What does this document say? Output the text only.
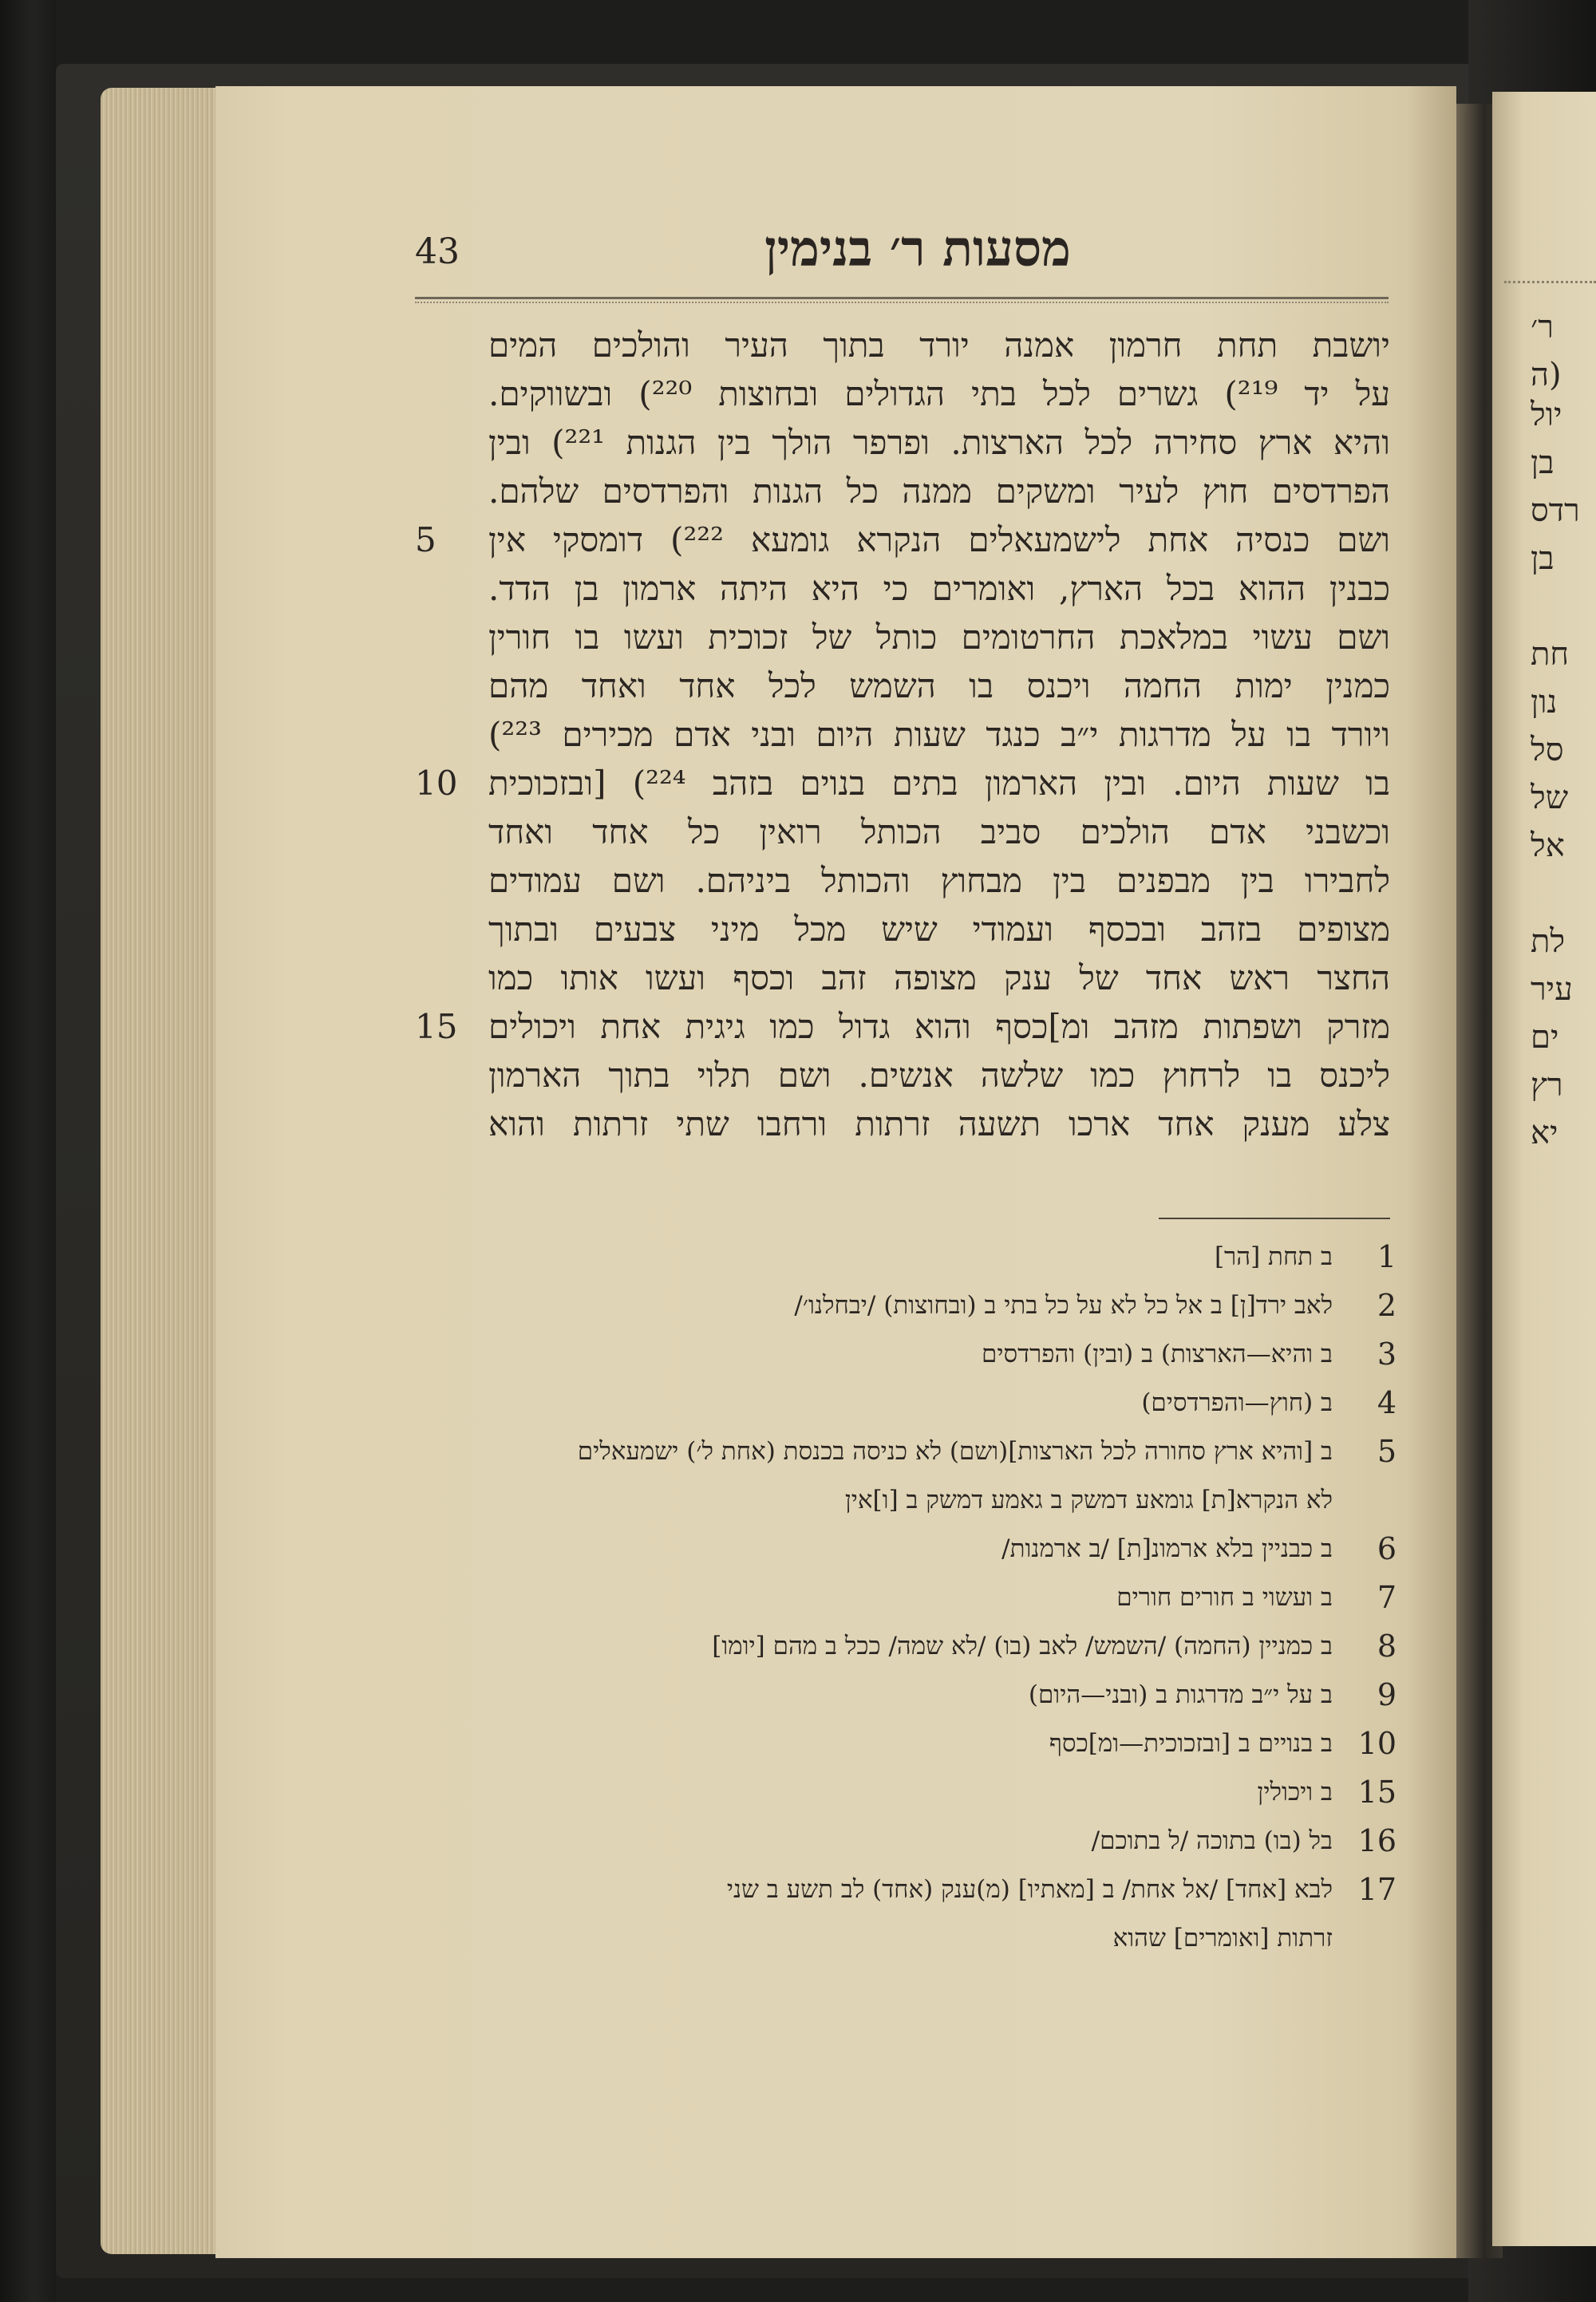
ר׳
(ה
יול
בן
רדס
בן
חת
נון
סל
של
אל
לת
עיר
ים
רץ
יא
43	מסעות ר׳ בנימין
5
10
15
יושבת תחת חרמון אמנה יורד בתוך העיר והולכים המים
על יד ²¹⁹) גשרים לכל בתי הגדולים ובחוצות ²²⁰) ובשווקים.
והיא ארץ סחירה לכל הארצות. ופרפר הולך בין הגנות ²²¹) ובין
הפרדסים חוץ לעיר ומשקים ממנה כל הגנות והפרדסים שלהם.
ושם כנסיה אחת לישמעאלים הנקרא גומעא ²²²) דומסקי אין
כבנין ההוא בכל הארץ, ואומרים כי היא היתה ארמון בן הדד.
ושם עשוי במלאכת החרטומים כותל של זכוכית ועשו בו חורין
כמנין ימות החמה ויכנס בו השמש לכל אחד ואחד מהם
ויורד בו על מדרגות י״ב כנגד שעות היום ובני אדם מכירים ²²³)
בו שעות היום. ובין הארמון בתים בנוים בזהב ²²⁴) [ובזכוכית
וכשבני אדם הולכים סביב הכותל רואין כל אחד ואחד
לחבירו בין מבפנים בין מבחוץ והכותל ביניהם. ושם עמודים
מצופים בזהב ובכסף ועמודי שיש מכל מיני צבעים ובתוך
החצר ראש אחד של ענק מצופה זהב וכסף ועשו אותו כמו
מזרק ושפתות מזהב ומ]כסף והוא גדול כמו גיגית אחת ויכולים
ליכנס בו לרחוץ כמו שלשה אנשים. ושם תלוי בתוך הארמון
צלע מענק אחד ארכו תשעה זרתות ורחבו שתי זרתות והוא
1
ב תחת [הר]
2
לאב ירד[ן] ב אל כל לא על כל בתי ב (ובחוצות) /יבחלנו׳/
3
ב והיא—הארצות) ב (ובין) והפרדסים
4
ב (חוץ—והפרדסים)
5
ב [והיא ארץ סחורה לכל הארצות](ושם) לא כניסה בכנסת (אחת ל׳) ישמעאלים
לא הנקרא[ת] גומאע דמשק ב גאמע דמשק ב [ו]אין
6
ב כבניין בלא ארמונ[ת] /ב ארמנות/
7
ב ועשוי ב חורים חורים
8
ב כמניין (החמה) /השמש/ לאב (בו) /לא שמה/ ככל ב מהם [יומו]
9
ב על י״ב מדרגות ב (ובני—היום)
10
ב בנויים ב [ובזכוכית—ומ]כסף
15
ב ויכולין
16
בל (בו) בתוכה /ל בתוכם/
17
לבא [אחד] /אל אחת/ ב [מאתיו] (מ)ענק (אחד) לב תשע ב שני
זרתות [ואומרים] שהוא
